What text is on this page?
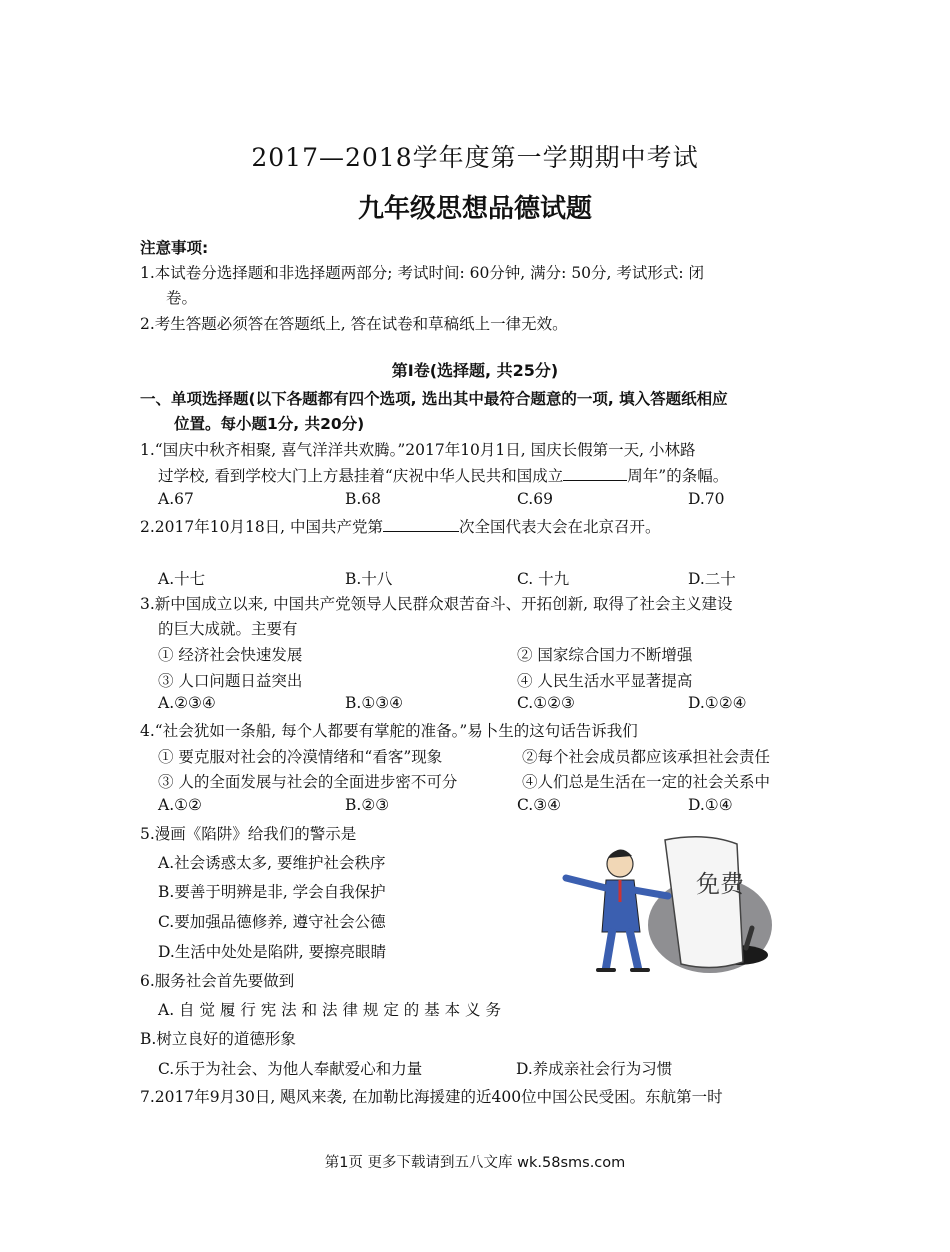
2017—2018学年度第一学期期中考试
九年级思想品德试题
注意事项:
1.本试卷分选择题和非选择题两部分; 考试时间: 60分钟, 满分: 50分, 考试形式: 闭
卷。
2.考生答题必须答在答题纸上, 答在试卷和草稿纸上一律无效。
第Ⅰ卷(选择题, 共25分)
一、单项选择题(以下各题都有四个选项, 选出其中最符合题意的一项, 填入答题纸相应
位置。每小题1分, 共20分)
1.“国庆中秋齐相聚, 喜气洋洋共欢腾。”2017年10月1日, 国庆长假第一天, 小林路
过学校, 看到学校大门上方悬挂着“庆祝中华人民共和国成立	周年”的条幅。
A.67	B.68	C.69	D.70
2.2017年10月18日, 中国共产党第	次全国代表大会在北京召开。
A.十七	B.十八	C. 十九	D.二十
3.新中国成立以来, 中国共产党领导人民群众艰苦奋斗、开拓创新, 取得了社会主义建设
的巨大成就。主要有
① 经济社会快速发展	② 国家综合国力不断增强
③ 人口问题日益突出	④ 人民生活水平显著提高
A.②③④	B.①③④	C.①②③	D.①②④
4.“社会犹如一条船, 每个人都要有掌舵的准备。”易卜生的这句话告诉我们
① 要克服对社会的冷漠情绪和“看客”现象	②每个社会成员都应该承担社会责任
③ 人的全面发展与社会的全面进步密不可分	④人们总是生活在一定的社会关系中
A.①②	B.②③	C.③④	D.①④
5.漫画《陷阱》给我们的警示是
A.社会诱惑太多, 要维护社会秩序
B.要善于明辨是非, 学会自我保护
C.要加强品德修养, 遵守社会公德
D.生活中处处是陷阱, 要擦亮眼睛
免费
6.服务社会首先要做到
A. 自 觉 履 行 宪 法 和 法 律 规 定 的 基 本 义 务
B.树立良好的道德形象
C.乐于为社会、为他人奉献爱心和力量	D.养成亲社会行为习惯
7.2017年9月30日, 飓风来袭, 在加勒比海援建的近400位中国公民受困。东航第一时
第1页 更多下载请到五八文库 wk.58sms.com
